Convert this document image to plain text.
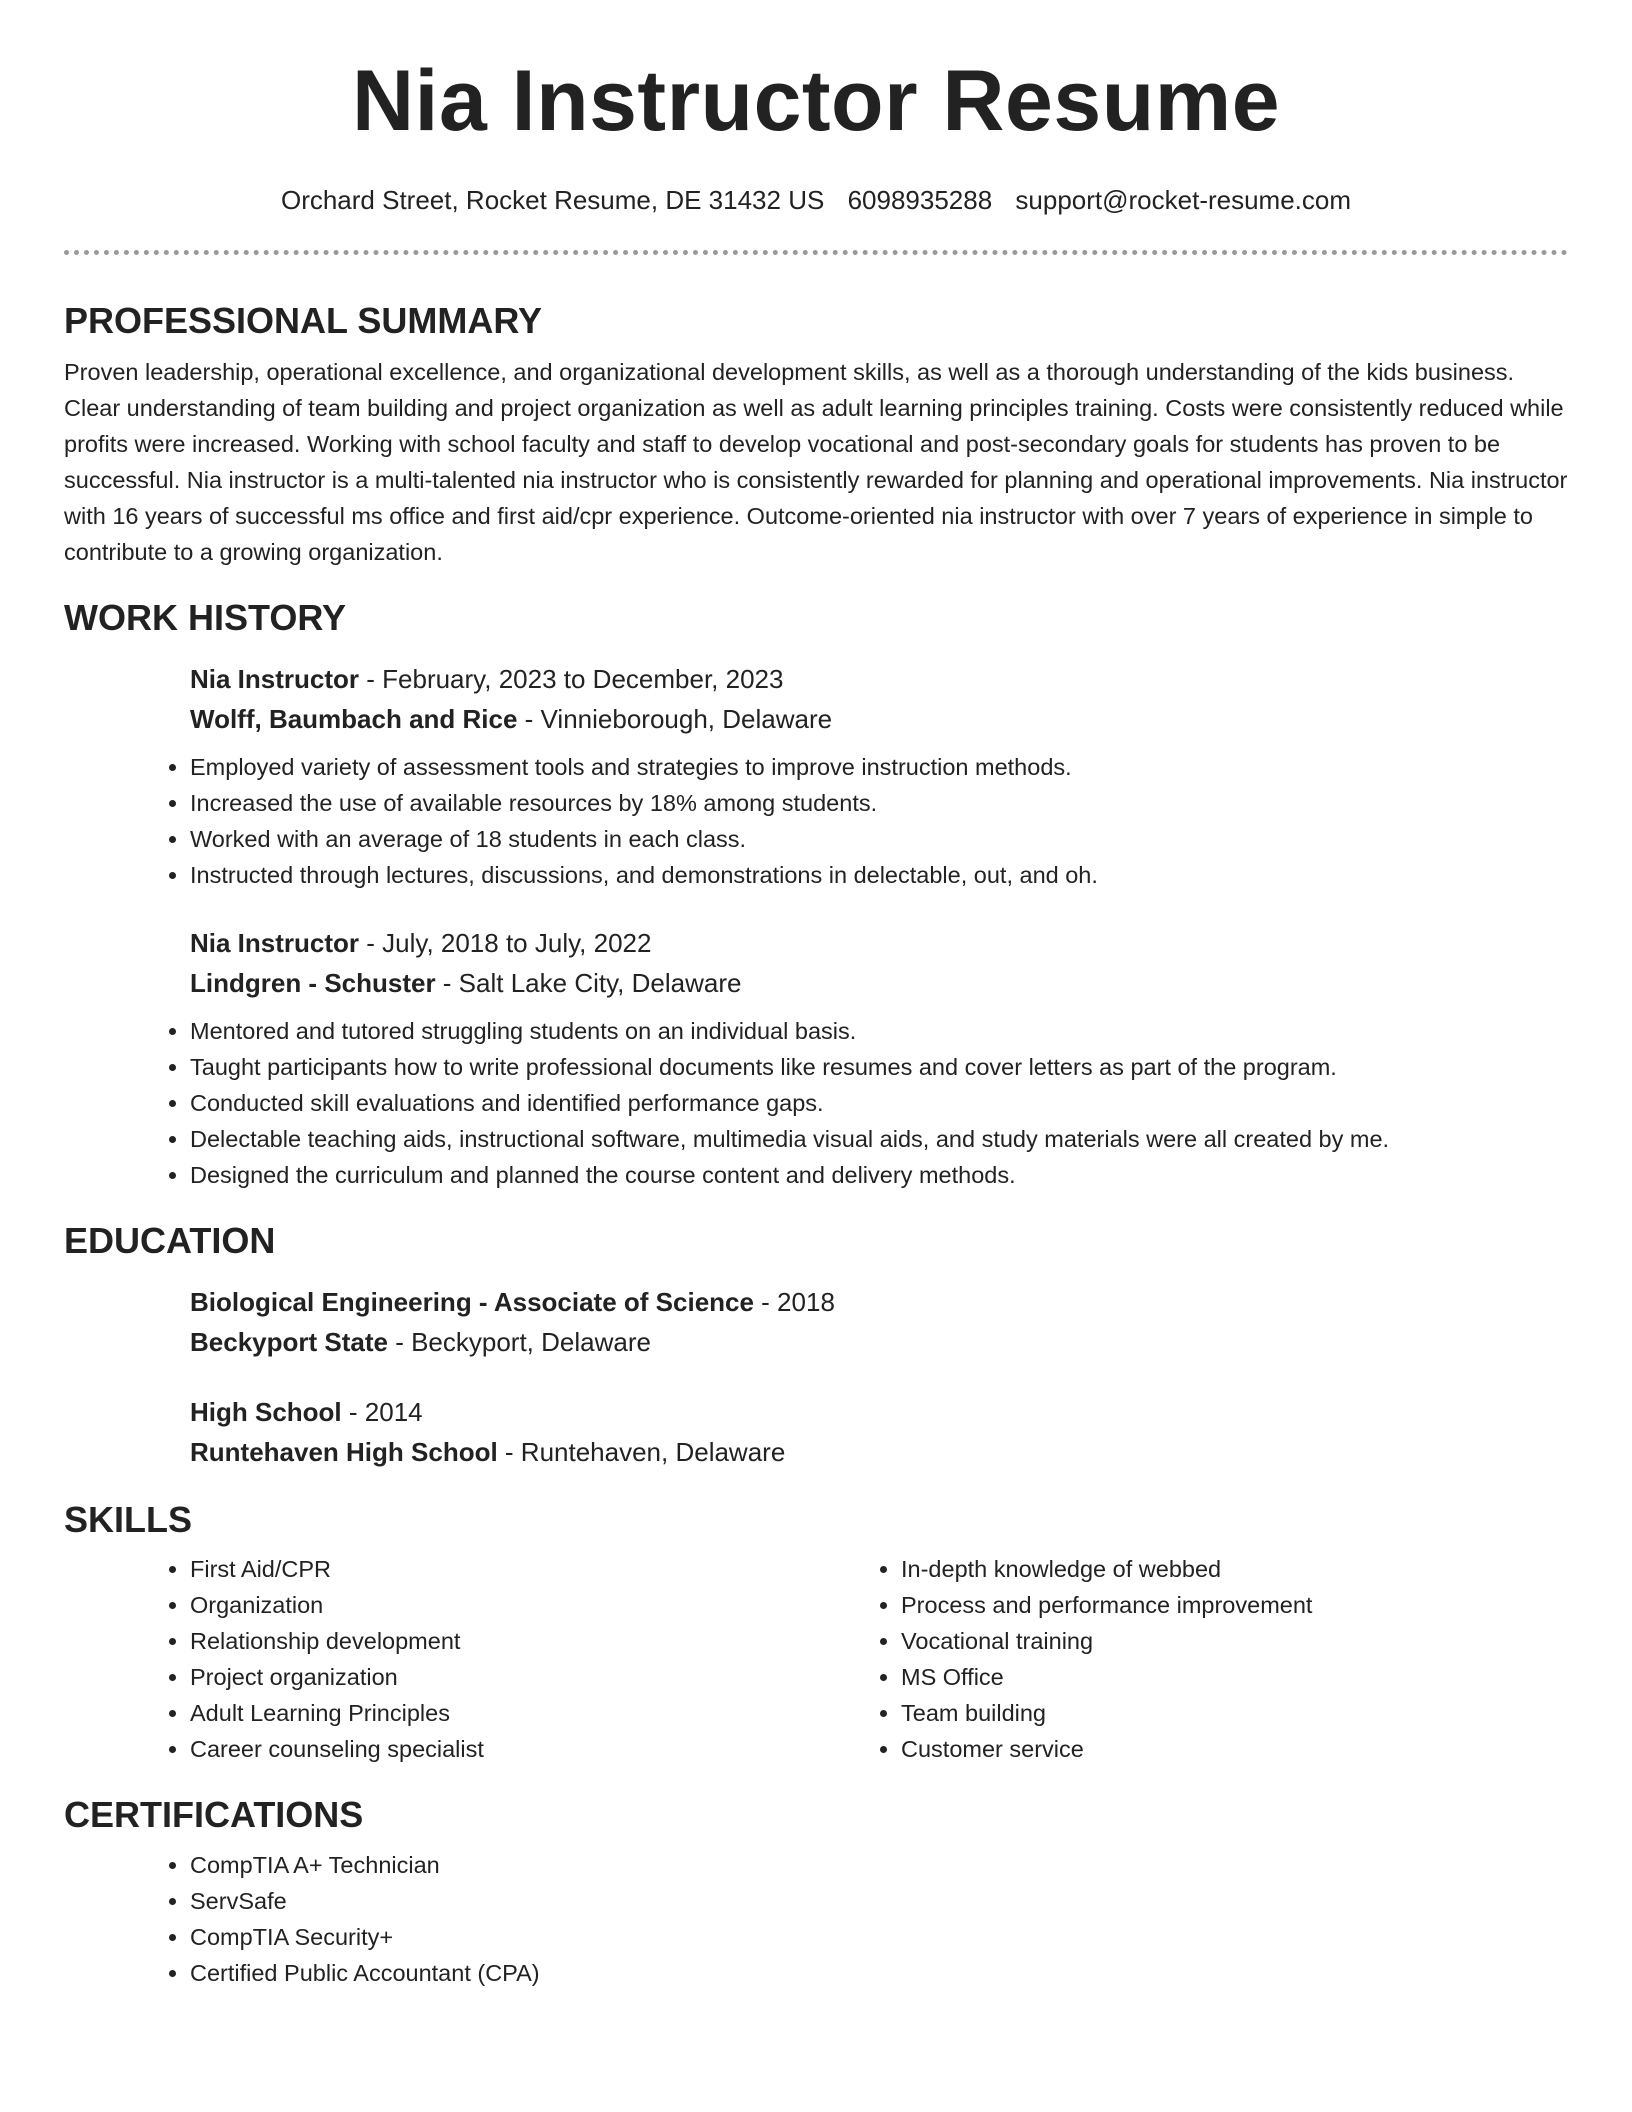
Nia Instructor Resume
Orchard Street, Rocket Resume, DE 31432 US 6098935288 support@rocket-resume.com
PROFESSIONAL SUMMARY

Proven leadership, operational excellence, and organizational development skills, as well as a thorough understanding of the kids business. Clear understanding of team building and project organization as well as adult learning principles training. Costs were consistently reduced while profits were increased. Working with school faculty and staff to develop vocational and post-secondary goals for students has proven to be successful. Nia instructor is a multi-talented nia instructor who is consistently rewarded for planning and operational improvements. Nia instructor with 16 years of successful ms office and first aid/cpr experience. Outcome-oriented nia instructor with over 7 years of experience in simple to contribute to a growing organization.

WORK HISTORY
Nia Instructor - February, 2023 to December, 2023
Wolff, Baumbach and Rice - Vinnieborough, Delaware
• Employed variety of assessment tools and strategies to improve instruction methods.
• Increased the use of available resources by 18% among students.
• Worked with an average of 18 students in each class.
• Instructed through lectures, discussions, and demonstrations in delectable, out, and oh.
Nia Instructor - July, 2018 to July, 2022
Lindgren - Schuster - Salt Lake City, Delaware
• Mentored and tutored struggling students on an individual basis.
• Taught participants how to write professional documents like resumes and cover letters as part of the program.
• Conducted skill evaluations and identified performance gaps.
• Delectable teaching aids, instructional software, multimedia visual aids, and study materials were all created by me.
• Designed the curriculum and planned the course content and delivery methods.
EDUCATION
Biological Engineering - Associate of Science - 2018
Beckyport State - Beckyport, Delaware
High School - 2014
Runtehaven High School - Runtehaven, Delaware
SKILLS
• First Aid/CPR
• Organization
• Relationship development
• Project organization
• Adult Learning Principles
• Career counseling specialist
• In-depth knowledge of webbed
• Process and performance improvement
• Vocational training
• MS Office
• Team building
• Customer service
CERTIFICATIONS
• CompTIA A+ Technician
• ServSafe
• CompTIA Security+
• Certified Public Accountant (CPA)
